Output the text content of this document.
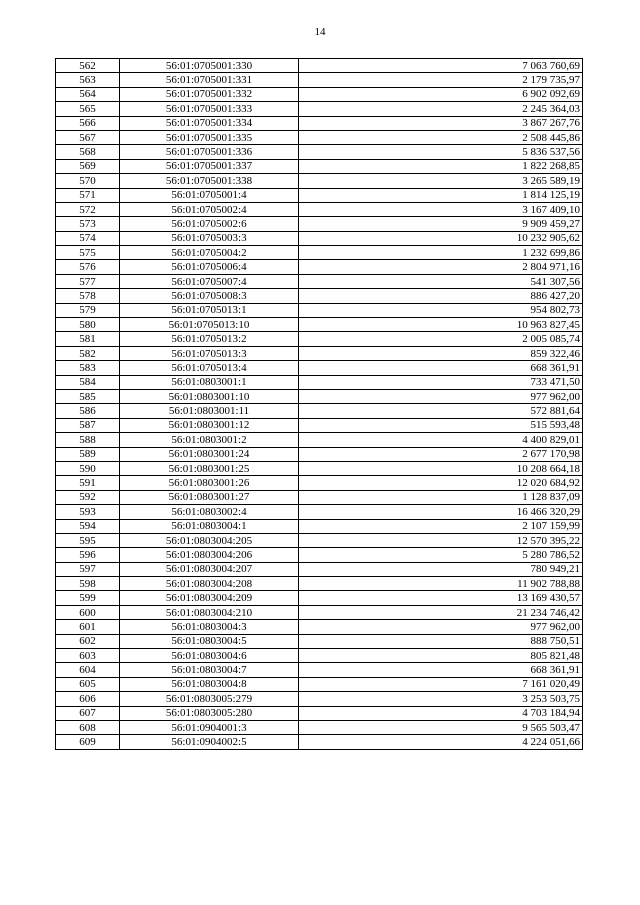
14
562	56:01:0705001:330	7 063 760,69
563	56:01:0705001:331	2 179 735,97
564	56:01:0705001:332	6 902 092,69
565	56:01:0705001:333	2 245 364,03
566	56:01:0705001:334	3 867 267,76
567	56:01:0705001:335	2 508 445,86
568	56:01:0705001:336	5 836 537,56
569	56:01:0705001:337	1 822 268,85
570	56:01:0705001:338	3 265 589,19
571	56:01:0705001:4	1 814 125,19
572	56:01:0705002:4	3 167 409,10
573	56:01:0705002:6	9 909 459,27
574	56:01:0705003:3	10 232 905,62
575	56:01:0705004:2	1 232 699,86
576	56:01:0705006:4	2 804 971,16
577	56:01:0705007:4	541 307,56
578	56:01:0705008:3	886 427,20
579	56:01:0705013:1	954 802,73
580	56:01:0705013:10	10 963 827,45
581	56:01:0705013:2	2 005 085,74
582	56:01:0705013:3	859 322,46
583	56:01:0705013:4	668 361,91
584	56:01:0803001:1	733 471,50
585	56:01:0803001:10	977 962,00
586	56:01:0803001:11	572 881,64
587	56:01:0803001:12	515 593,48
588	56:01:0803001:2	4 400 829,01
589	56:01:0803001:24	2 677 170,98
590	56:01:0803001:25	10 208 664,18
591	56:01:0803001:26	12 020 684,92
592	56:01:0803001:27	1 128 837,09
593	56:01:0803002:4	16 466 320,29
594	56:01:0803004:1	2 107 159,99
595	56:01:0803004:205	12 570 395,22
596	56:01:0803004:206	5 280 786,52
597	56:01:0803004:207	780 949,21
598	56:01:0803004:208	11 902 788,88
599	56:01:0803004:209	13 169 430,57
600	56:01:0803004:210	21 234 746,42
601	56:01:0803004:3	977 962,00
602	56:01:0803004:5	888 750,51
603	56:01:0803004:6	805 821,48
604	56:01:0803004:7	668 361,91
605	56:01:0803004:8	7 161 020,49
606	56:01:0803005:279	3 253 503,75
607	56:01:0803005:280	4 703 184,94
608	56:01:0904001:3	9 565 503,47
609	56:01:0904002:5	4 224 051,66
